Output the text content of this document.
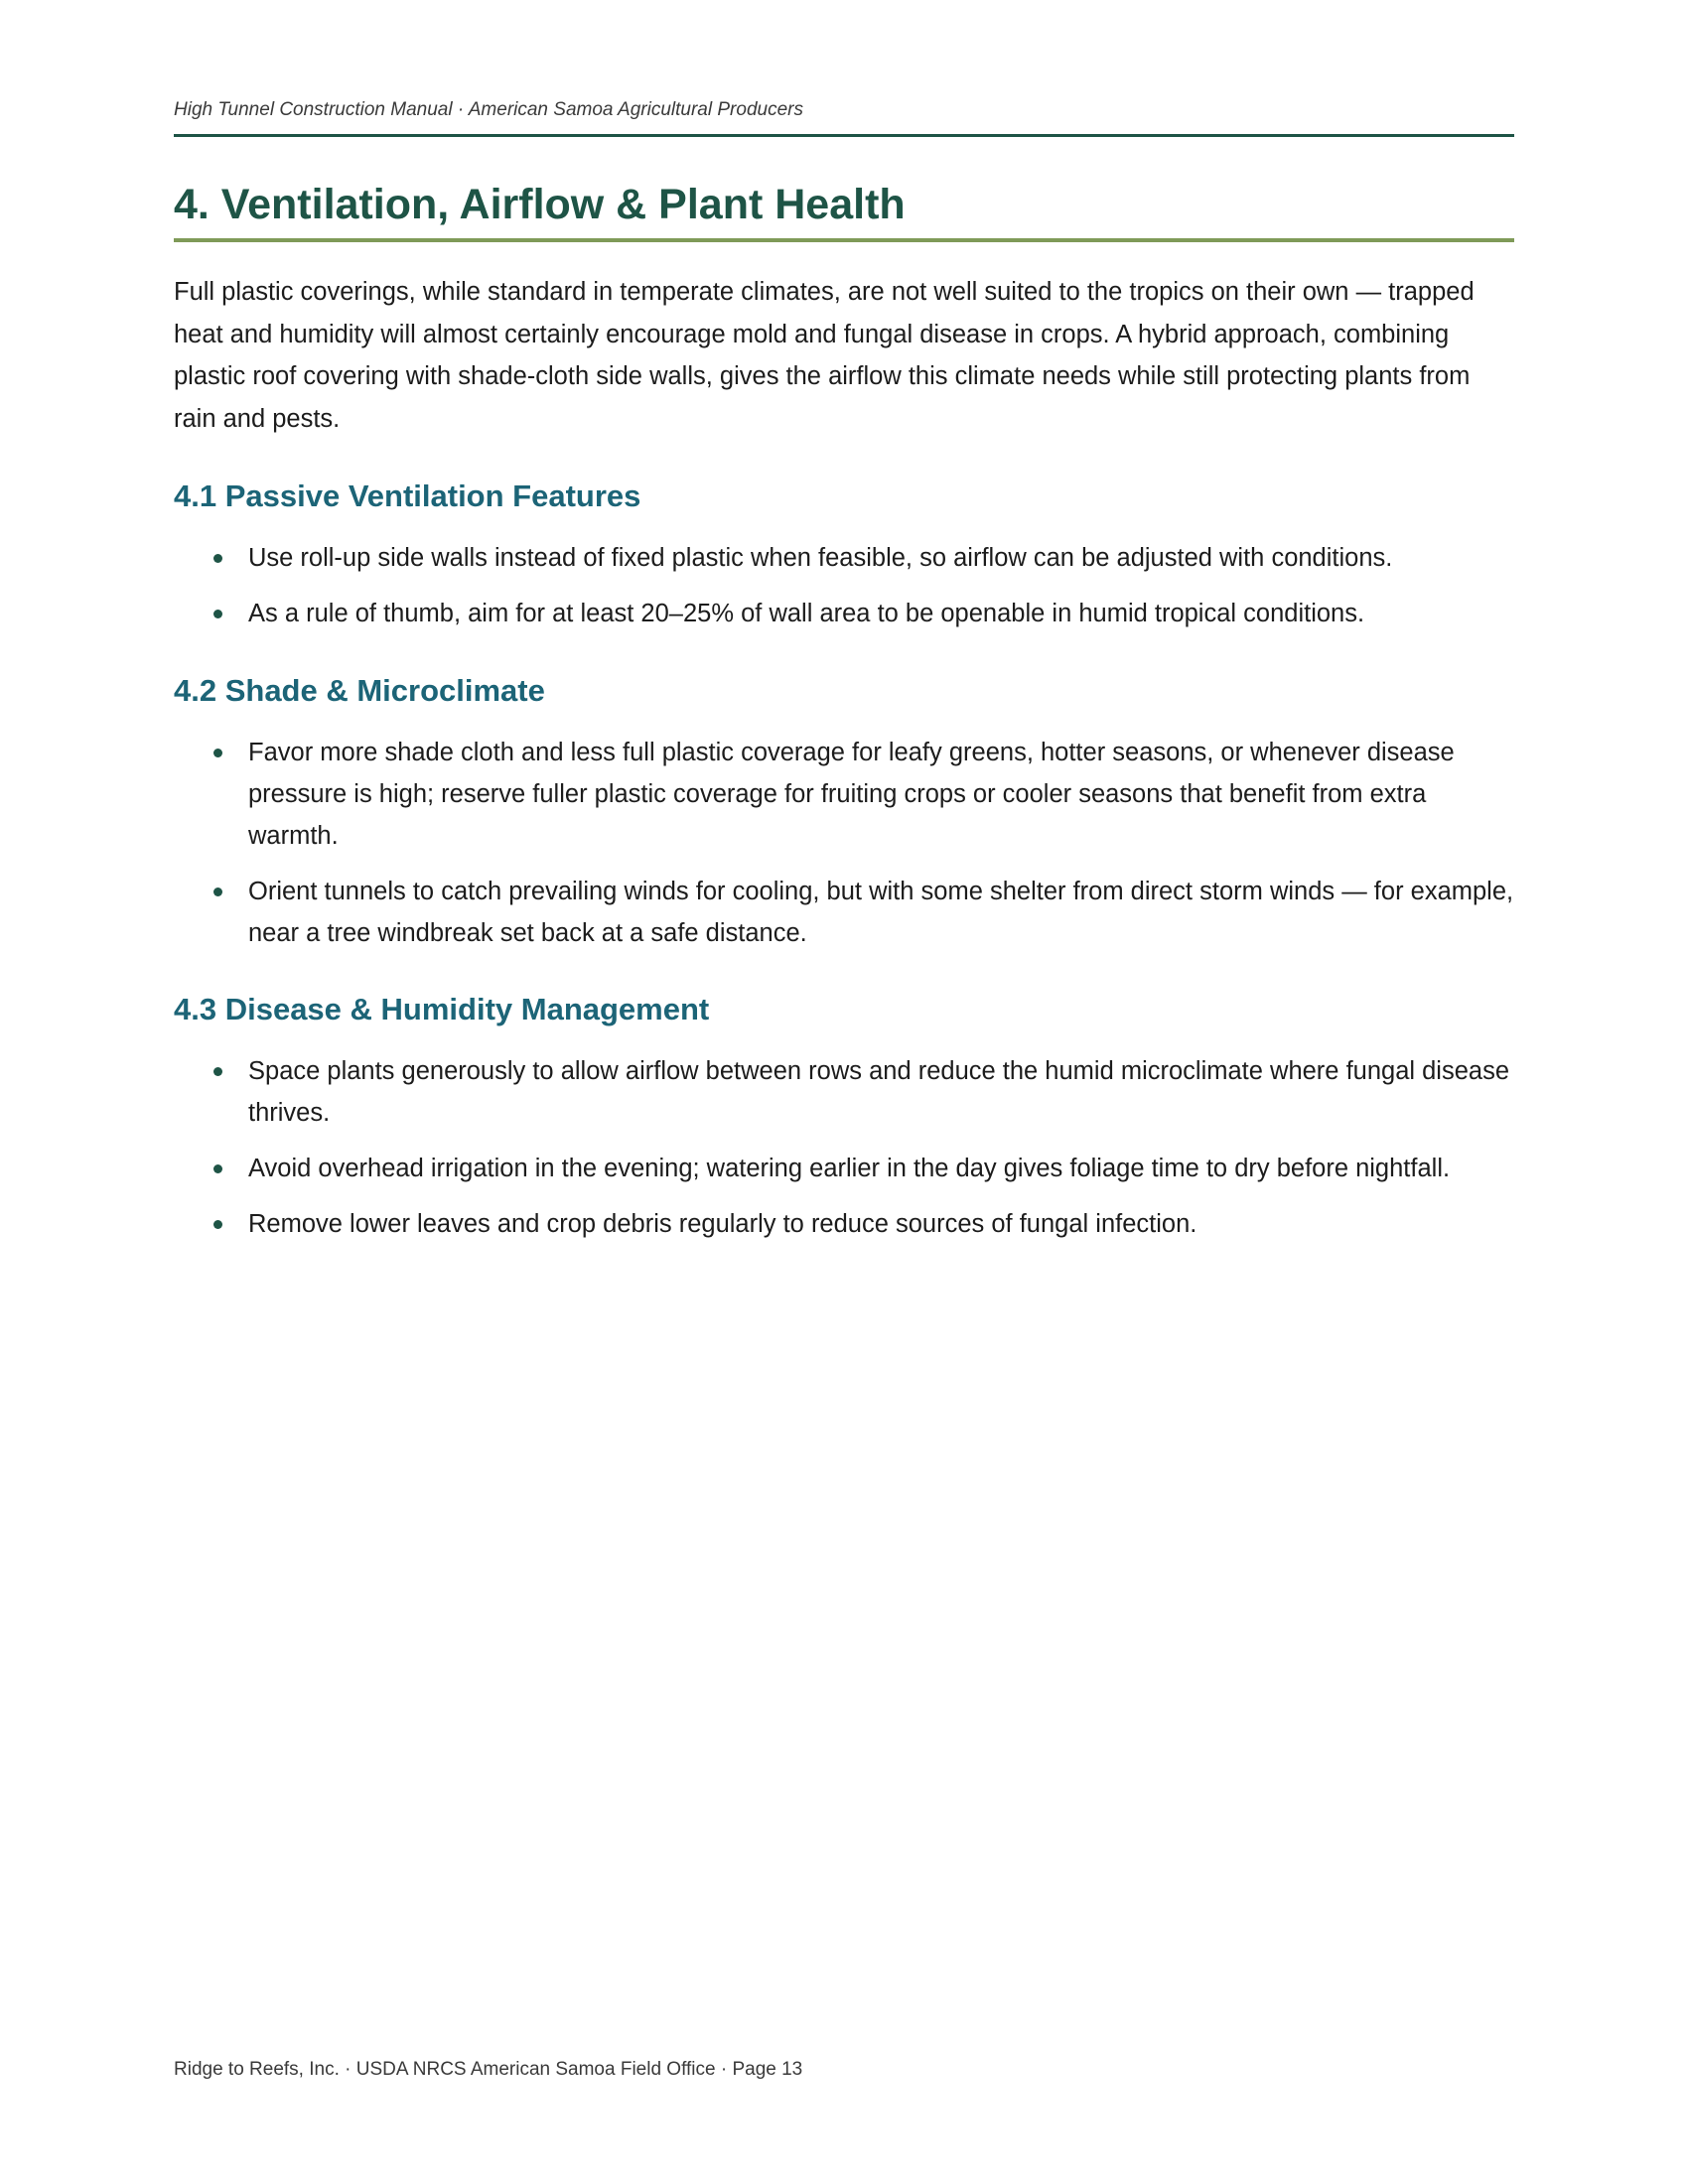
High Tunnel Construction Manual · American Samoa Agricultural Producers
4. Ventilation, Airflow & Plant Health

Full plastic coverings, while standard in temperate climates, are not well suited to the tropics on their own — trapped heat and humidity will almost certainly encourage mold and fungal disease in crops. A hybrid approach, combining plastic roof covering with shade-cloth side walls, gives the airflow this climate needs while still protecting plants from rain and pests.

4.1 Passive Ventilation Features
Use roll-up side walls instead of fixed plastic when feasible, so airflow can be adjusted with conditions.
As a rule of thumb, aim for at least 20–25% of wall area to be openable in humid tropical conditions.
4.2 Shade & Microclimate
Favor more shade cloth and less full plastic coverage for leafy greens, hotter seasons, or whenever disease pressure is high; reserve fuller plastic coverage for fruiting crops or cooler seasons that benefit from extra warmth.
Orient tunnels to catch prevailing winds for cooling, but with some shelter from direct storm winds — for example, near a tree windbreak set back at a safe distance.
4.3 Disease & Humidity Management
Space plants generously to allow airflow between rows and reduce the humid microclimate where fungal disease thrives.
Avoid overhead irrigation in the evening; watering earlier in the day gives foliage time to dry before nightfall.
Remove lower leaves and crop debris regularly to reduce sources of fungal infection.
Ridge to Reefs, Inc. · USDA NRCS American Samoa Field Office · Page 13
